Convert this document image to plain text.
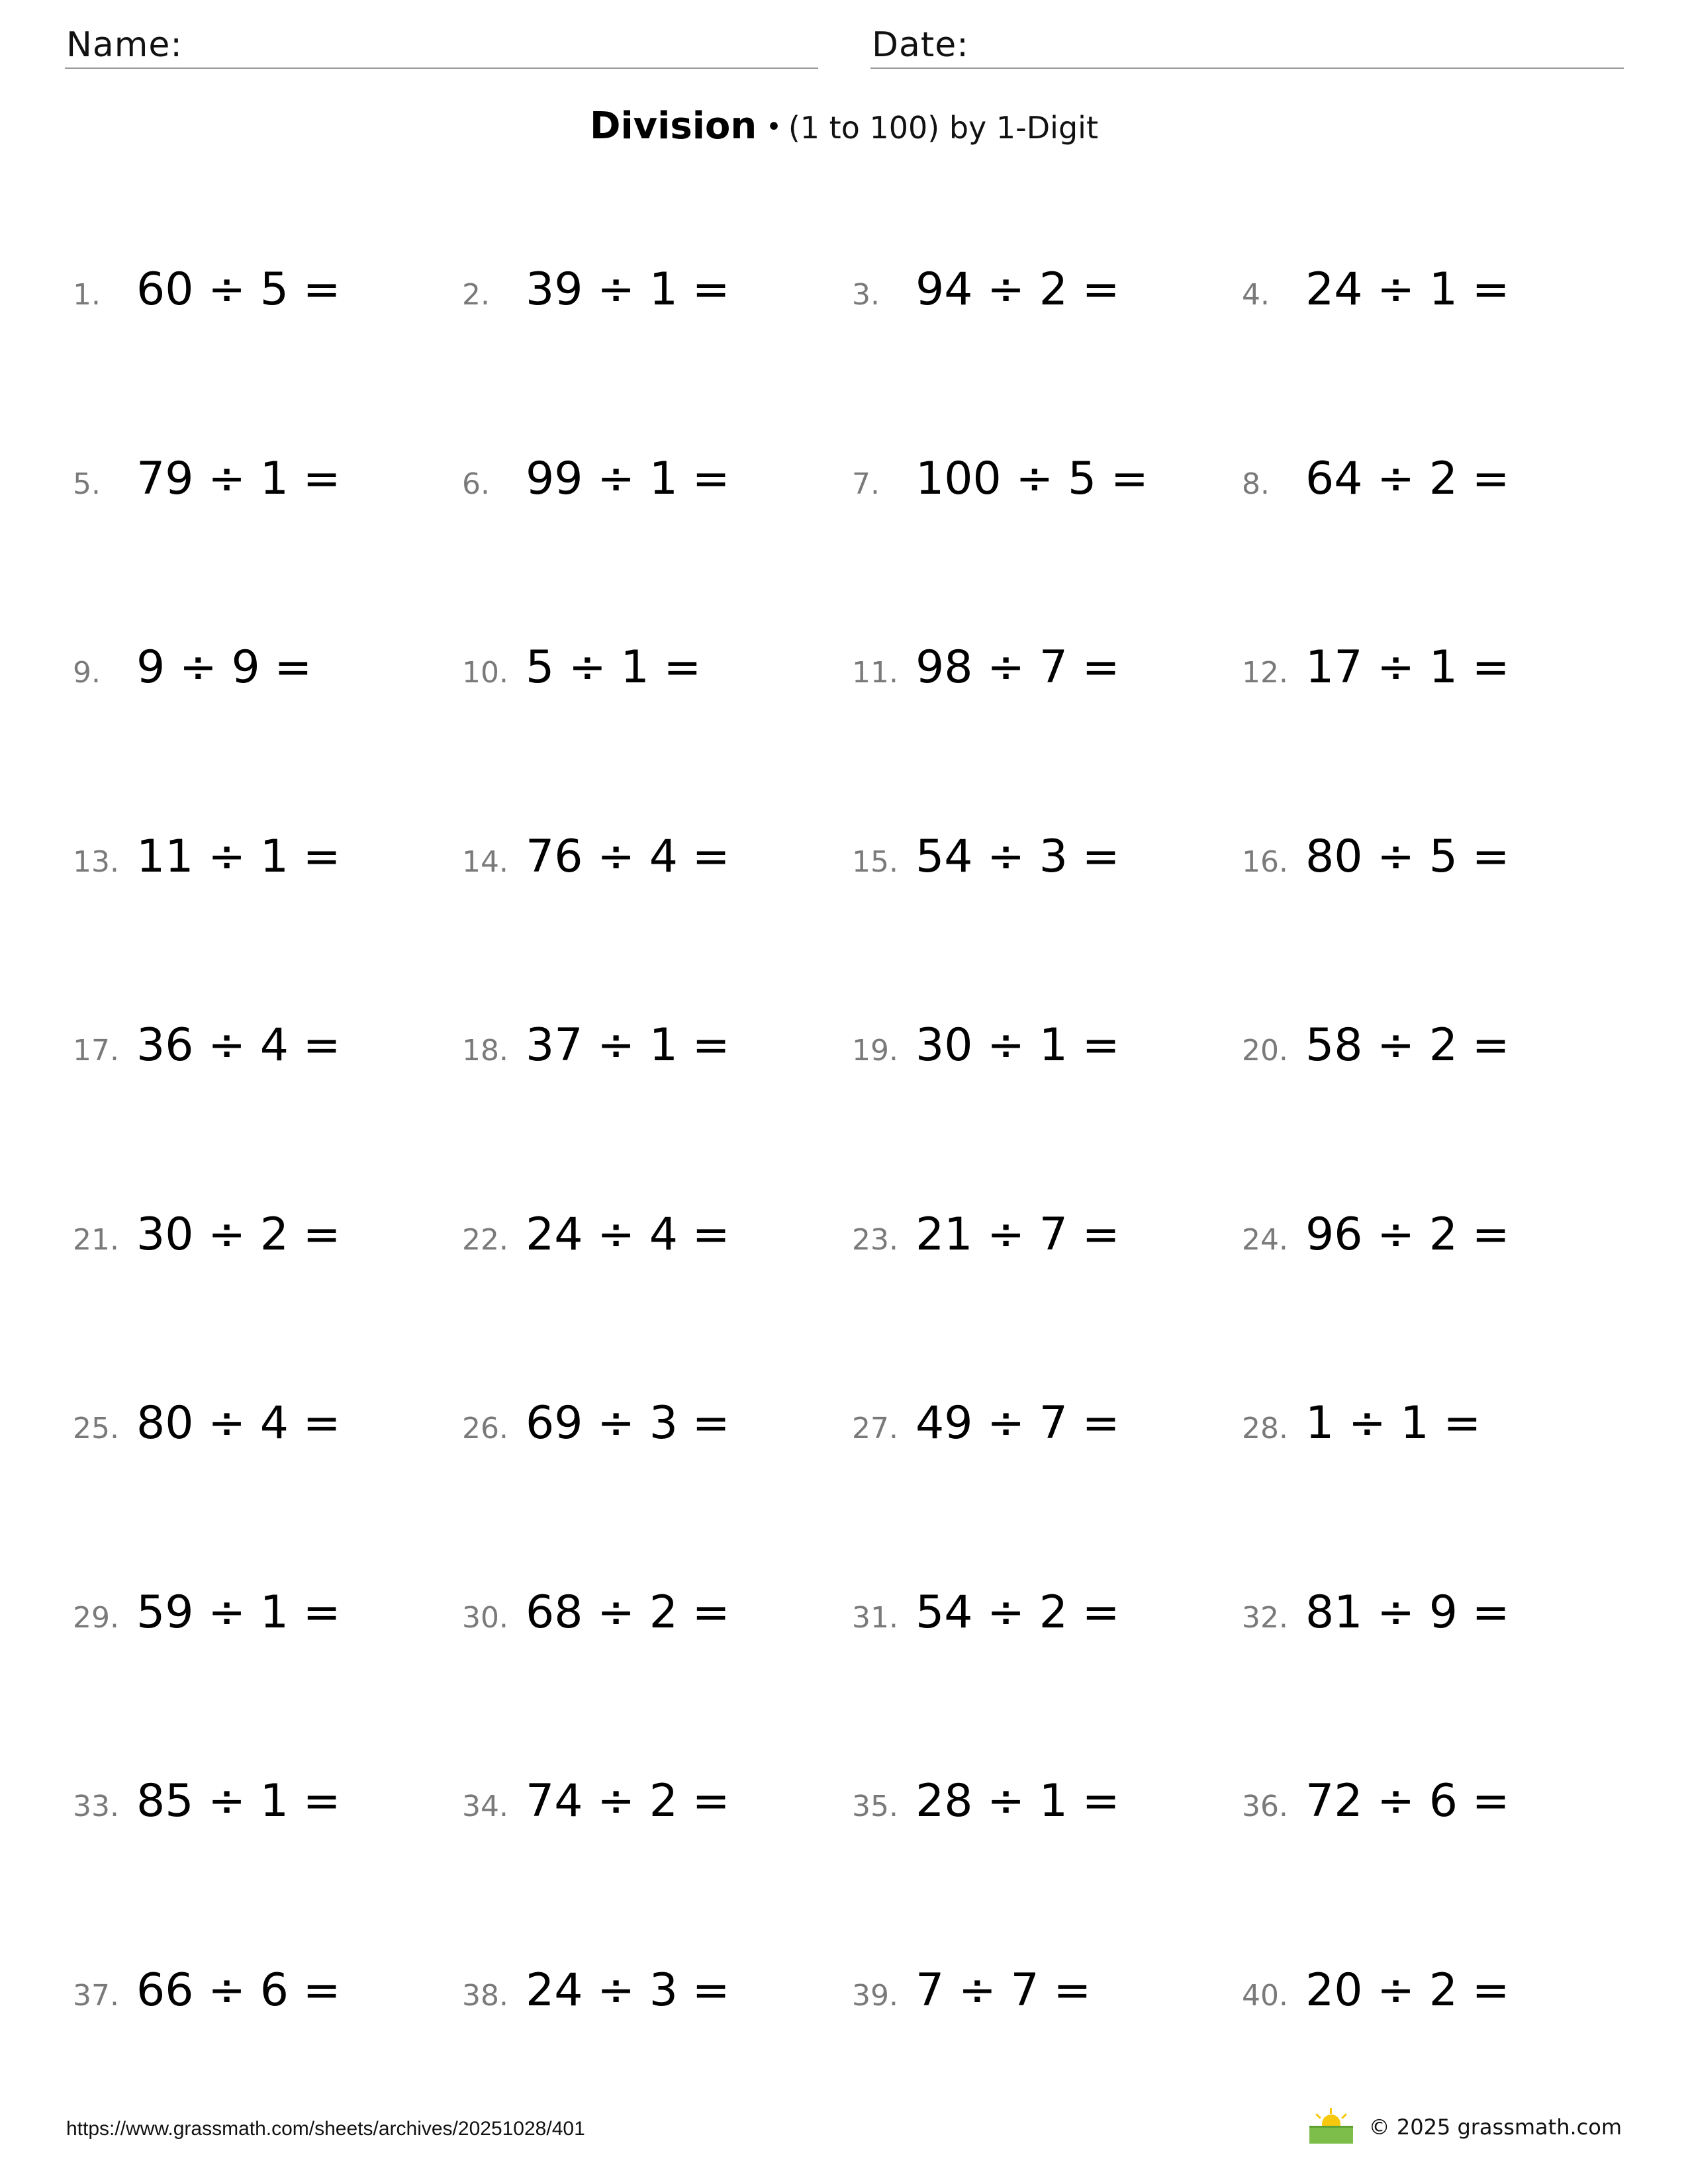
Name:	Date:
Division • (1 to 100) by 1-Digit
1. 60 ÷ 5 =	2. 39 ÷ 1 =	3. 94 ÷ 2 =	4. 24 ÷ 1 =
5. 79 ÷ 1 =	6. 99 ÷ 1 =	7. 100 ÷ 5 =	8. 64 ÷ 2 =
9. 9 ÷ 9 =	10. 5 ÷ 1 =	11. 98 ÷ 7 =	12. 17 ÷ 1 =
13. 11 ÷ 1 =	14. 76 ÷ 4 =	15. 54 ÷ 3 =	16. 80 ÷ 5 =
17. 36 ÷ 4 =	18. 37 ÷ 1 =	19. 30 ÷ 1 =	20. 58 ÷ 2 =
21. 30 ÷ 2 =	22. 24 ÷ 4 =	23. 21 ÷ 7 =	24. 96 ÷ 2 =
25. 80 ÷ 4 =	26. 69 ÷ 3 =	27. 49 ÷ 7 =	28. 1 ÷ 1 =
29. 59 ÷ 1 =	30. 68 ÷ 2 =	31. 54 ÷ 2 =	32. 81 ÷ 9 =
33. 85 ÷ 1 =	34. 74 ÷ 2 =	35. 28 ÷ 1 =	36. 72 ÷ 6 =
37. 66 ÷ 6 =	38. 24 ÷ 3 =	39. 7 ÷ 7 =	40. 20 ÷ 2 =
https://www.grassmath.com/sheets/archives/20251028/401	© 2025 grassmath.com
